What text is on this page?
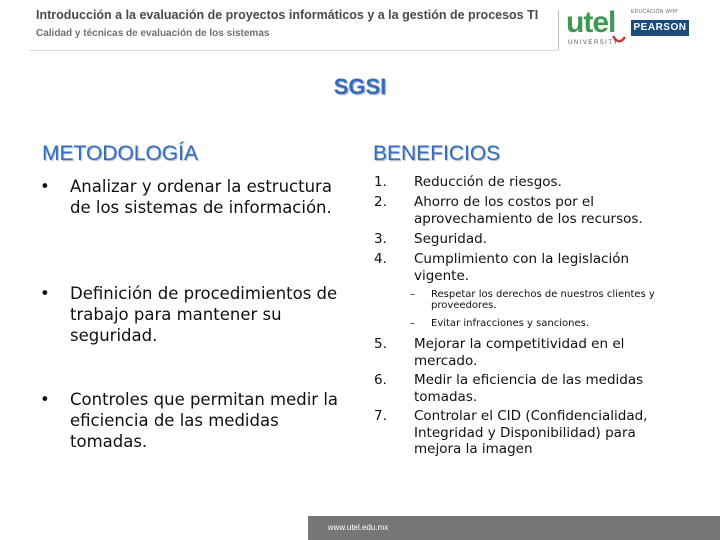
Introducción a la evaluación de proyectos informáticos y a la gestión de procesos TI
Calidad y técnicas de evaluación de los sistemas	utel
UNIVERSITY
EDUCACIÓN WHP
PEARSON
SGSI
METODOLOGÍA	BENEFICIOS
• Analizar y ordenar la estructura de los sistemas de información.
• Definición de procedimientos de trabajo para mantener su seguridad.
• Controles que permitan medir la eficiencia de las medidas tomadas.
1. Reducción de riesgos.
2. Ahorro de los costos por el aprovechamiento de los recursos.
3. Seguridad.
4. Cumplimiento con la legislación vigente.
– Respetar los derechos de nuestros clientes y proveedores.
– Evitar infracciones y sanciones.
5. Mejorar la competitividad en el mercado.
6. Medir la eficiencia de las medidas tomadas.
7. Controlar el CID (Confidencialidad, Integridad y Disponibilidad) para mejora la imagen
www.utel.edu.mx
